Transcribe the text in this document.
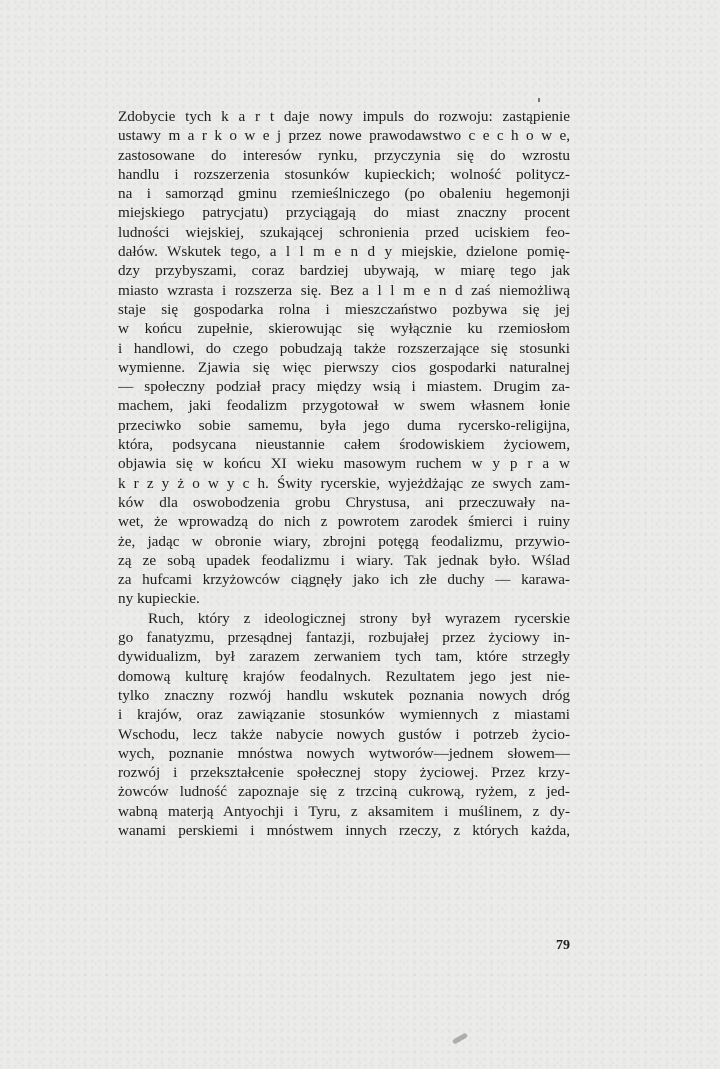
Zdobycie tych k a r t daje nowy impuls do rozwoju: zastąpienie
ustawy m a r k o w e j przez nowe prawodawstwo c e c h o w e,
zastosowane do interesów rynku, przyczynia się do wzrostu
handlu i rozszerzenia stosunków kupieckich; wolność politycz-
na i samorząd gminu rzemieślniczego (po obaleniu hegemonji
miejskiego patrycjatu) przyciągają do miast znaczny procent
ludności wiejskiej, szukającej schronienia przed uciskiem feo-
dałów. Wskutek tego, a l l m e n d y miejskie, dzielone pomię-
dzy przybyszami, coraz bardziej ubywają, w miarę tego jak
miasto wzrasta i rozszerza się. Bez a l l m e n d zaś niemożliwą
staje się gospodarka rolna i mieszczaństwo pozbywa się jej
w końcu zupełnie, skierowując się wyłącznie ku rzemiosłom
i handlowi, do czego pobudzają także rozszerzające się stosunki
wymienne. Zjawia się więc pierwszy cios gospodarki naturalnej
— społeczny podział pracy między wsią i miastem. Drugim za-
machem, jaki feodalizm przygotował w swem własnem łonie
przeciwko sobie samemu, była jego duma rycersko-religijna,
która, podsycana nieustannie całem środowiskiem życiowem,
objawia się w końcu XI wieku masowym ruchem w y p r a w
k r z y ż o w y c h. Świty rycerskie, wyjeżdżając ze swych zam-
ków dla oswobodzenia grobu Chrystusa, ani przeczuwały na-
wet, że wprowadzą do nich z powrotem zarodek śmierci i ruiny
że, jadąc w obronie wiary, zbrojni potęgą feodalizmu, przywio-
zą ze sobą upadek feodalizmu i wiary. Tak jednak było. Wślad
za hufcami krzyżowców ciągnęły jako ich złe duchy — karawa-
ny kupieckie.
Ruch, który z ideologicznej strony był wyrazem rycerskie
go fanatyzmu, przesądnej fantazji, rozbujałej przez życiowy in-
dywidualizm, był zarazem zerwaniem tych tam, które strzegły
domową kulturę krajów feodalnych. Rezultatem jego jest nie-
tylko znaczny rozwój handlu wskutek poznania nowych dróg
i krajów, oraz zawiązanie stosunków wymiennych z miastami
Wschodu, lecz także nabycie nowych gustów i potrzeb życio-
wych, poznanie mnóstwa nowych wytworów—jednem słowem—
rozwój i przekształcenie społecznej stopy życiowej. Przez krzy-
żowców ludność zapoznaje się z trzciną cukrową, ryżem, z jed-
wabną materją Antyochji i Tyru, z aksamitem i muślinem, z dy-
wanami perskiemi i mnóstwem innych rzeczy, z których każda,
79
